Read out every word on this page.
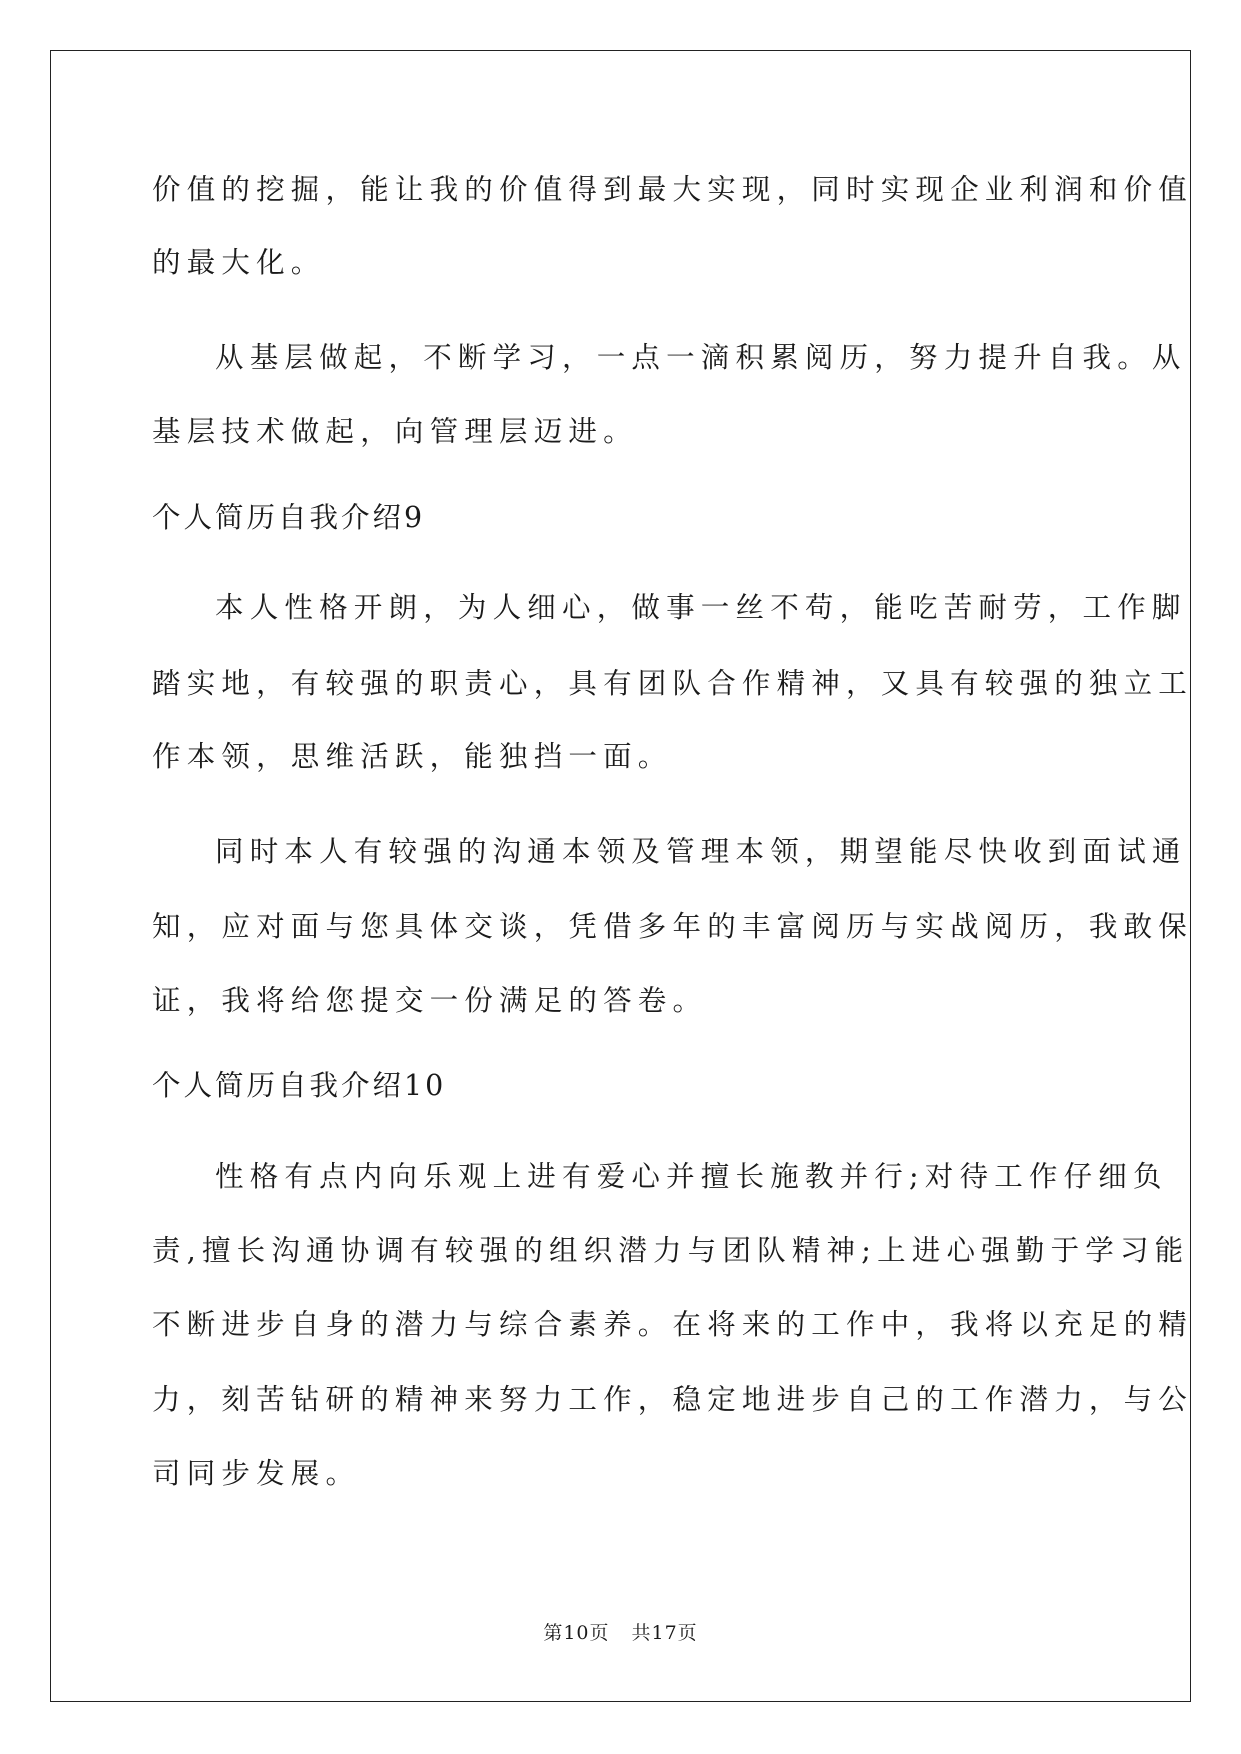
价值的挖掘，能让我的价值得到最大实现，同时实现企业利润和价值
的最大化。
从基层做起，不断学习，一点一滴积累阅历，努力提升自我。从
基层技术做起，向管理层迈进。
个人简历自我介绍9
本人性格开朗，为人细心，做事一丝不苟，能吃苦耐劳，工作脚
踏实地，有较强的职责心，具有团队合作精神，又具有较强的独立工
作本领，思维活跃，能独挡一面。
同时本人有较强的沟通本领及管理本领，期望能尽快收到面试通
知，应对面与您具体交谈，凭借多年的丰富阅历与实战阅历，我敢保
证，我将给您提交一份满足的答卷。
个人简历自我介绍10
性格有点内向乐观上进有爱心并擅长施教并行;对待工作仔细负
责,擅长沟通协调有较强的组织潜力与团队精神;上进心强勤于学习能
不断进步自身的潜力与综合素养。在将来的工作中，我将以充足的精
力，刻苦钻研的精神来努力工作，稳定地进步自己的工作潜力，与公
司同步发展。
第10页 共17页
